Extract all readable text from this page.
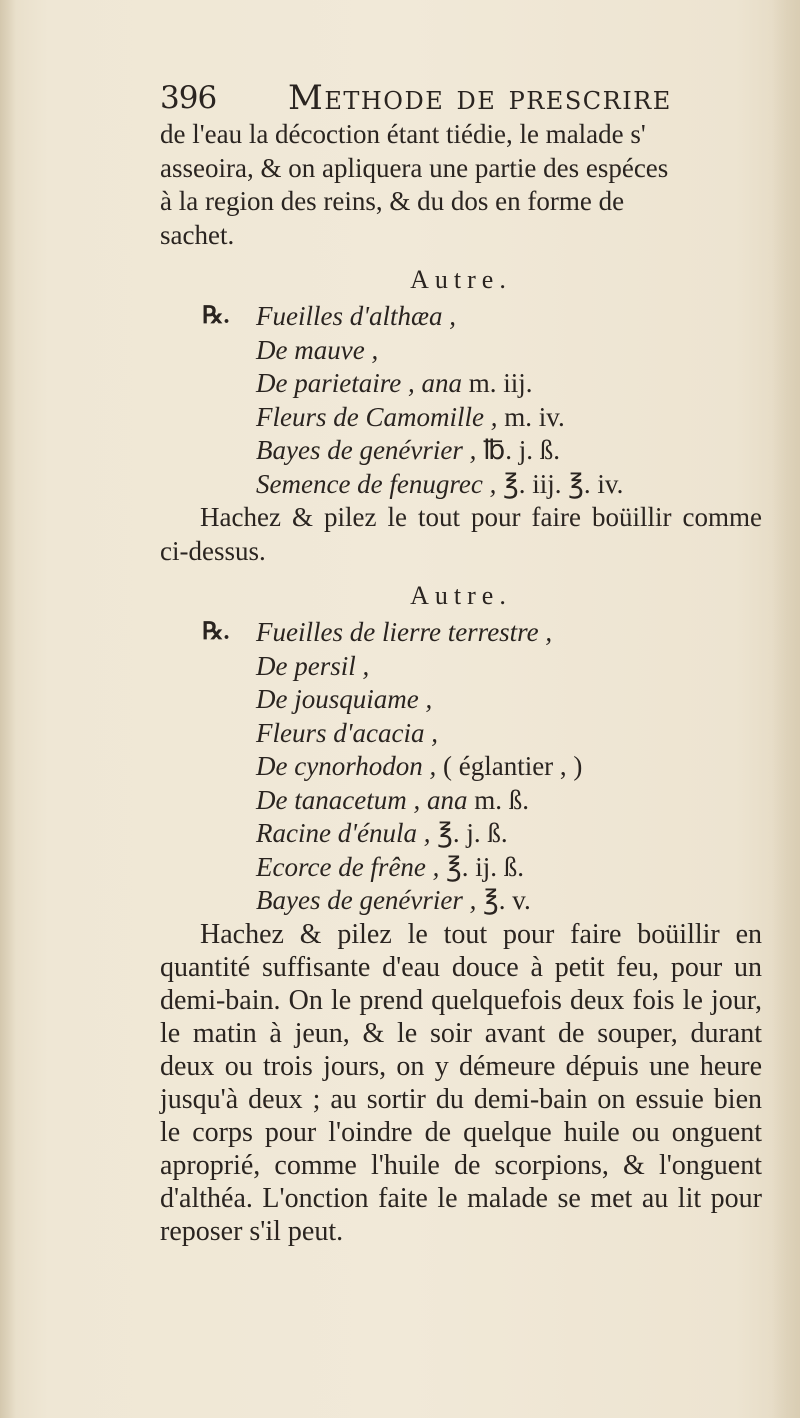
396 Methode de prescrire
de l'eau la décoction étant tiédie, le malade s'
asseoira, & on apliquera une partie des espéces
à la region des reins, & du dos en forme de
sachet.
Autre.
℞. Fueilles d'althæa ,
De mauve ,
De parietaire , ana m. iij.
Fleurs de Camomille , m. iv.
Bayes de genévrier , ℔. j. ß.
Semence de fenugrec , ℥. iij. ℥. iv.

Hachez & pilez le tout pour faire boüillir comme ci-dessus.

Autre.
℞. Fueilles de lierre terrestre ,
De persil ,
De jousquiame ,
Fleurs d'acacia ,
De cynorhodon , ( églantier , )
De tanacetum , ana m. ß.
Racine d'énula , ℥. j. ß.
Ecorce de frêne , ℥. ij. ß.
Bayes de genévrier , ℥. v.

Hachez & pilez le tout pour faire boüillir en quantité suffisante d'eau douce à petit feu, pour un demi-bain. On le prend quelquefois deux fois le jour, le matin à jeun, & le soir avant de souper, durant deux ou trois jours, on y démeure dépuis une heure jusqu'à deux ; au sortir du demi-bain on essuie bien le corps pour l'oindre de quelque huile ou onguent aproprié, comme l'huile de scorpions, & l'onguent d'althéa. L'onction faite le malade se met au lit pour reposer s'il peut.
